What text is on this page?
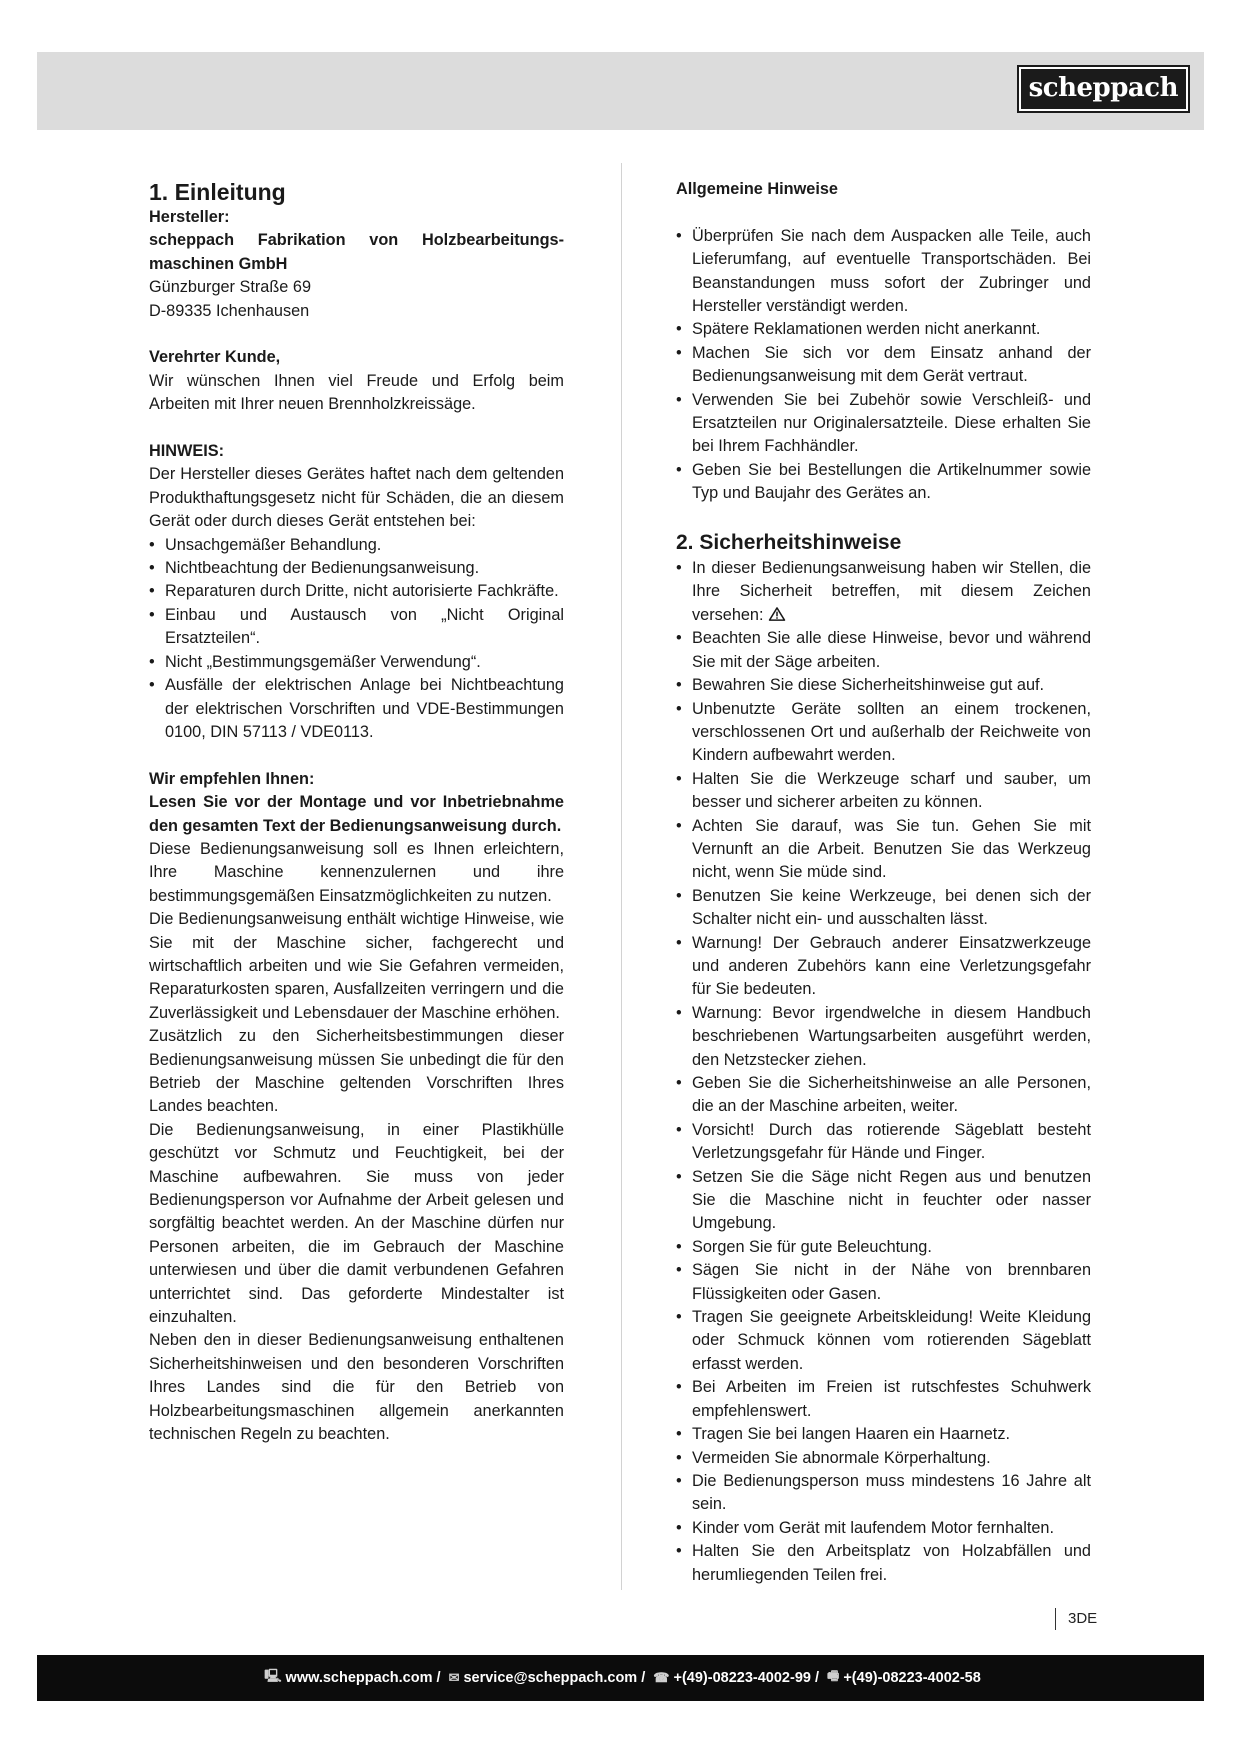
scheppach
1. Einleitung

Hersteller:

scheppach Fabrikation von Holzbearbeitungs-maschinen GmbH

Günzburger Straße 69

D-89335 Ichenhausen

Verehrter Kunde,

Wir wünschen Ihnen viel Freude und Erfolg beim Arbeiten mit Ihrer neuen Brennholzkreissäge.

HINWEIS:

Der Hersteller dieses Gerätes haftet nach dem geltenden Produkthaftungsgesetz nicht für Schäden, die an diesem Gerät oder durch dieses Gerät entstehen bei:

• Unsachgemäßer Behandlung.
• Nichtbeachtung der Bedienungsanweisung.
• Reparaturen durch Dritte, nicht autorisierte Fachkräfte.
• Einbau und Austausch von „Nicht Original Ersatzteilen“.
• Nicht „Bestimmungsgemäßer Verwendung“.
• Ausfälle der elektrischen Anlage bei Nichtbeachtung der elektrischen Vorschriften und VDE-Bestimmungen 0100, DIN 57113 / VDE0113.

Wir empfehlen Ihnen:

Lesen Sie vor der Montage und vor Inbetriebnahme den gesamten Text der Bedienungsanweisung durch.

Diese Bedienungsanweisung soll es Ihnen erleichtern, Ihre Maschine kennenzulernen und ihre bestimmungsgemäßen Einsatzmöglichkeiten zu nutzen.

Die Bedienungsanweisung enthält wichtige Hinweise, wie Sie mit der Maschine sicher, fachgerecht und wirtschaftlich arbeiten und wie Sie Gefahren vermeiden, Reparaturkosten sparen, Ausfallzeiten verringern und die Zuverlässigkeit und Lebensdauer der Maschine erhöhen.

Zusätzlich zu den Sicherheitsbestimmungen dieser Bedienungsanweisung müssen Sie unbedingt die für den Betrieb der Maschine geltenden Vorschriften Ihres Landes beachten.

Die Bedienungsanweisung, in einer Plastikhülle geschützt vor Schmutz und Feuchtigkeit, bei der Maschine aufbewahren. Sie muss von jeder Bedienungsperson vor Aufnahme der Arbeit gelesen und sorgfältig beachtet werden. An der Maschine dürfen nur Personen arbeiten, die im Gebrauch der Maschine unterwiesen und über die damit verbundenen Gefahren unterrichtet sind. Das geforderte Mindestalter ist einzuhalten.

Neben den in dieser Bedienungsanweisung enthaltenen Sicherheitshinweisen und den besonderen Vorschriften Ihres Landes sind die für den Betrieb von Holzbearbeitungsmaschinen allgemein anerkannten technischen Regeln zu beachten.

Allgemeine Hinweise

• Überprüfen Sie nach dem Auspacken alle Teile, auch Lieferumfang, auf eventuelle Transportschäden. Bei Beanstandungen muss sofort der Zubringer und Hersteller verständigt werden.
• Spätere Reklamationen werden nicht anerkannt.
• Machen Sie sich vor dem Einsatz anhand der Bedienungsanweisung mit dem Gerät vertraut.
• Verwenden Sie bei Zubehör sowie Verschleiß- und Ersatzteilen nur Originalersatzteile. Diese erhalten Sie bei Ihrem Fachhändler.
• Geben Sie bei Bestellungen die Artikelnummer sowie Typ und Baujahr des Gerätes an.
2. Sicherheitshinweise
• In dieser Bedienungsanweisung haben wir Stellen, die Ihre Sicherheit betreffen, mit diesem Zeichen versehen:
• Beachten Sie alle diese Hinweise, bevor und während Sie mit der Säge arbeiten.
• Bewahren Sie diese Sicherheitshinweise gut auf.
• Unbenutzte Geräte sollten an einem trockenen, verschlossenen Ort und außerhalb der Reichweite von Kindern aufbewahrt werden.
• Halten Sie die Werkzeuge scharf und sauber, um besser und sicherer arbeiten zu können.
• Achten Sie darauf, was Sie tun. Gehen Sie mit Vernunft an die Arbeit. Benutzen Sie das Werkzeug nicht, wenn Sie müde sind.
• Benutzen Sie keine Werkzeuge, bei denen sich der Schalter nicht ein- und ausschalten lässt.
• Warnung! Der Gebrauch anderer Einsatzwerkzeuge und anderen Zubehörs kann eine Verletzungsgefahr für Sie bedeuten.
• Warnung: Bevor irgendwelche in diesem Handbuch beschriebenen Wartungsarbeiten ausgeführt werden, den Netzstecker ziehen.
• Geben Sie die Sicherheitshinweise an alle Personen, die an der Maschine arbeiten, weiter.
• Vorsicht! Durch das rotierende Sägeblatt besteht Verletzungsgefahr für Hände und Finger.
• Setzen Sie die Säge nicht Regen aus und benutzen Sie die Maschine nicht in feuchter oder nasser Umgebung.
• Sorgen Sie für gute Beleuchtung.
• Sägen Sie nicht in der Nähe von brennbaren Flüssigkeiten oder Gasen.
• Tragen Sie geeignete Arbeitskleidung! Weite Kleidung oder Schmuck können vom rotierenden Sägeblatt erfasst werden.
• Bei Arbeiten im Freien ist rutschfestes Schuhwerk empfehlenswert.
• Tragen Sie bei langen Haaren ein Haarnetz.
• Vermeiden Sie abnormale Körperhaltung.
• Die Bedienungsperson muss mindestens 16 Jahre alt sein.
• Kinder vom Gerät mit laufendem Motor fernhalten.
• Halten Sie den Arbeitsplatz von Holzabfällen und herumliegenden Teilen frei.
3DE
🖳 www.scheppach.com / ✉ service@scheppach.com / ☎ +(49)-08223-4002-99 / 🖷 +(49)-08223-4002-58
